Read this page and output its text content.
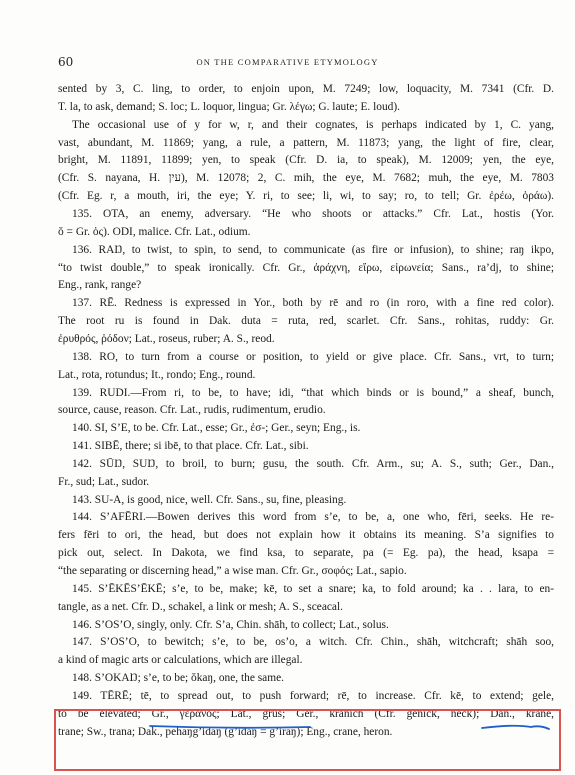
60	ON THE COMPARATIVE ETYMOLOGY
sented by 3, C. ling, to order, to enjoin upon, M. 7249; low, loquacity, M. 7341 (Cfr. D.
T. la, to ask, demand; S. loc; L. loquor, lingua; Gr. λέγω; G. laute; E. loud).
The occasional use of y for w, r, and their cognates, is perhaps indicated by 1, C. yang,
vast, abundant, M. 11869; yang, a rule, a pattern, M. 11873; yang, the light of fire, clear,
bright, M. 11891, 11899; yen, to speak (Cfr. D. ia, to speak), M. 12009; yen, the eye,
(Cfr. S. nayana, H. עין), M. 12078; 2, C. mih, the eye, M. 7682; muh, the eye, M. 7803
(Cfr. Eg. r, a mouth, iri, the eye; Y. ri, to see; li, wi, to say; ro, to tell; Gr. ἐρέω, ὁράω).
135. OTA, an enemy, adversary. “He who shoots or attacks.” Cfr. Lat., hostis (Yor.
ŏ = Gr. ὀς). ODI, malice. Cfr. Lat., odium.
136. RAŊ, to twist, to spin, to send, to communicate (as fire or infusion), to shine; raŋ ikpo,
“to twist double,” to speak ironically. Cfr. Gr., ἀράχνη, εἴρω, εἰρωνεία; Sans., ra’dj, to shine;
Eng., rank, range?
137. RĒ. Redness is expressed in Yor., both by rē and ro (in roro, with a fine red color).
The root ru is found in Dak. duta = ruta, red, scarlet. Cfr. Sans., rohitas, ruddy: Gr.
ἐρυθρός, ῥόδον; Lat., roseus, ruber; A. S., reod.
138. RO, to turn from a course or position, to yield or give place. Cfr. Sans., vrt, to turn;
Lat., rota, rotundus; It., rondo; Eng., round.
139. RUDI.—From ri, to be, to have; idi, “that which binds or is bound,” a sheaf, bunch,
source, cause, reason. Cfr. Lat., rudis, rudimentum, erudio.
140. SI, S’E, to be. Cfr. Lat., esse; Gr., ἐσ-; Ger., seyn; Eng., is.
141. SIBĒ, there; si ibē, to that place. Cfr. Lat., sibi.
142. SŪŊ, SUŊ, to broil, to burn; gusu, the south. Cfr. Arm., su; A. S., suth; Ger., Dan.,
Fr., sud; Lat., sudor.
143. SU-A, is good, nice, well. Cfr. Sans., su, fine, pleasing.
144. S’AFĒRI.—Bowen derives this word from s’e, to be, a, one who, fēri, seeks. He re-
fers fēri to ori, the head, but does not explain how it obtains its meaning. S’a signifies to
pick out, select. In Dakota, we find ksa, to separate, pa (= Eg. pa), the head, ksapa =
“the separating or discerning head,” a wise man. Cfr. Gr., σοφός; Lat., sapio.
145. S’ĒKĒS’ĒKĒ; s’e, to be, make; kē, to set a snare; ka, to fold around; ka . . lara, to en-
tangle, as a net. Cfr. D., schakel, a link or mesh; A. S., sceacal.
146. S’OS’O, singly, only. Cfr. S’a, Chin. shāh, to collect; Lat., solus.
147. S’OS’O, to bewitch; s’e, to be, os’o, a witch. Cfr. Chin., shāh, witchcraft; shāh soo,
a kind of magic arts or calculations, which are illegal.
148. S’OKAŊ; s’e, to be; ŏkaŋ, one, the same.
149. TĒRĒ; tē, to spread out, to push forward; rē, to increase. Cfr. kē, to extend; gele,
to be elevated; Gr., γέρανος; Lat., grus; Ger., kranich (Cfr. genick, neck); Dan., krane,
trane; Sw., trana; Dak., pehaŋg’idaŋ (g’idaŋ = g’iraŋ); Eng., crane, heron.
